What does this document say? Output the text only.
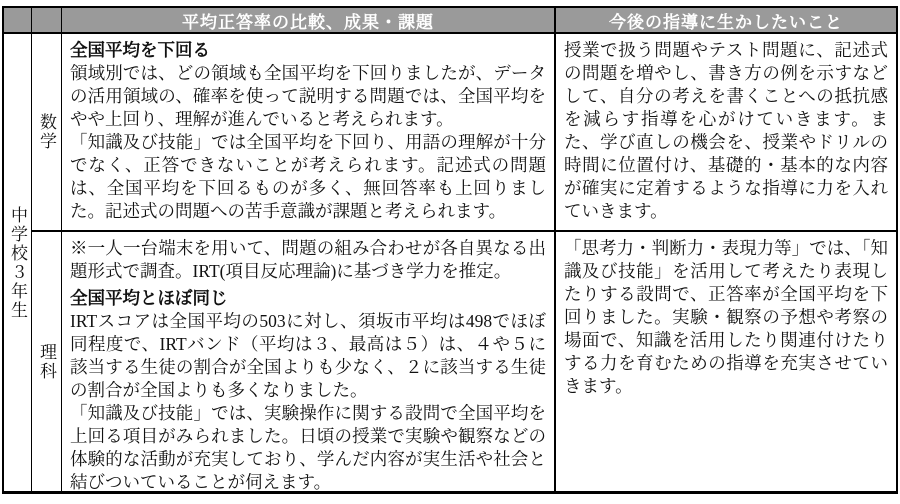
平均正答率の比較、成果・課題	今後の指導に生かしたいこと
中学校３年生
数学

全国平均を下回る

領域別では、どの領域も全国平均を下回りましたが、データの活用領域の、確率を使って説明する問題では、全国平均をやや上回り、理解が進んでいると考えられます。

「知識及び技能」では全国平均を下回り、用語の理解が十分でなく、正答できないことが考えられます。記述式の問題は、全国平均を下回るものが多く、無回答率も上回りました。記述式の問題への苦手意識が課題と考えられます。

授業で扱う問題やテスト問題に、記述式の問題を増やし、書き方の例を示すなどして、自分の考えを書くことへの抵抗感を減らす指導を心がけていきます。また、学び直しの機会を、授業やドリルの時間に位置付け、基礎的・基本的な内容が確実に定着するような指導に力を入れていきます。

理科

※一人一台端末を用いて、問題の組み合わせが各自異なる出題形式で調査。IRT(項目反応理論)に基づき学力を推定。

全国平均とほぼ同じ

IRTスコアは全国平均の503に対し、須坂市平均は498でほぼ同程度で、IRTバンド（平均は３、最高は５）は、４や５に該当する生徒の割合が全国よりも少なく、２に該当する生徒の割合が全国よりも多くなりました。

「知識及び技能」では、実験操作に関する設問で全国平均を上回る項目がみられました。日頃の授業で実験や観察などの体験的な活動が充実しており、学んだ内容が実生活や社会と結びついていることが伺えます。

「思考力・判断力・表現力等」では、「知識及び技能」を活用して考えたり表現したりする設問で、正答率が全国平均を下回りました。実験・観察の予想や考察の場面で、知識を活用したり関連付けたりする力を育むための指導を充実させていきます。
